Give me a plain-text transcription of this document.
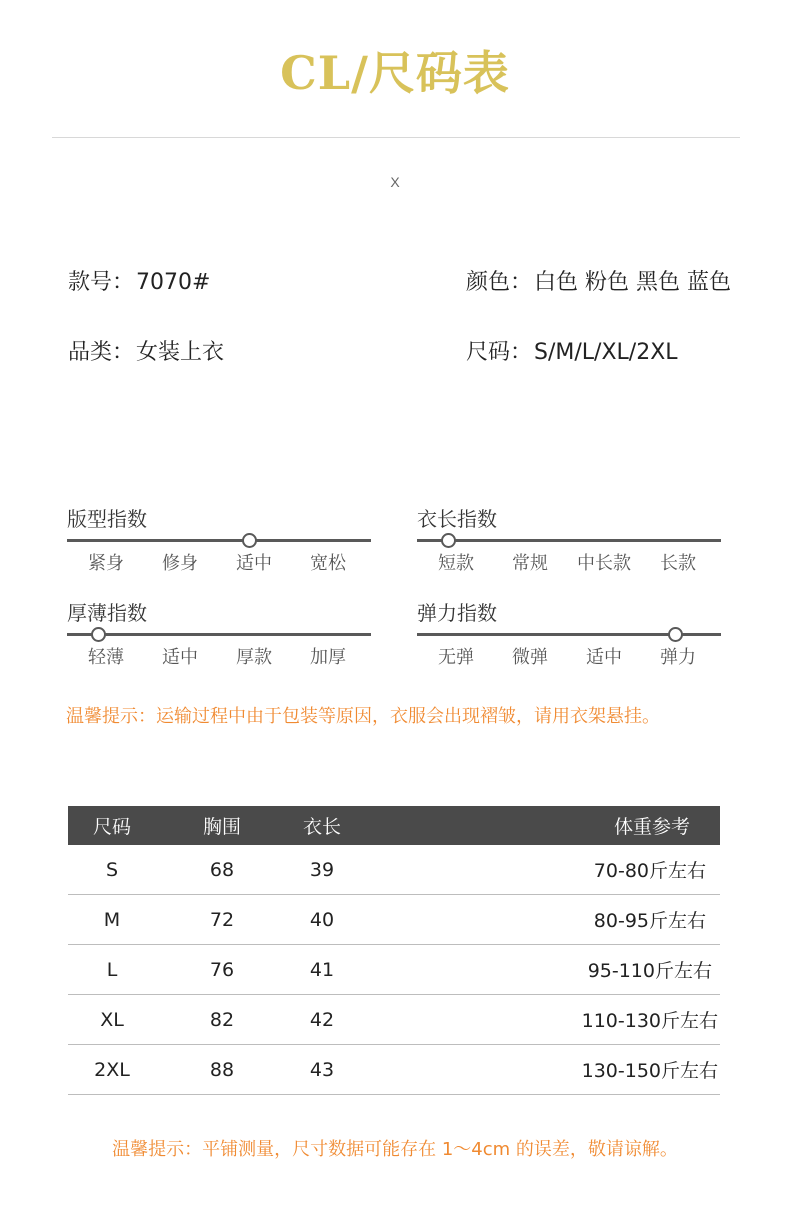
CL/尺码表
X
款号：7070#	颜色：白色 粉色 黑色 蓝色
品类：女装上衣	尺码：S/M/L/XL/2XL
版型指数
紧身	修身	适中	宽松
衣长指数
短款	常规	中长款	长款
厚薄指数
轻薄	适中	厚款	加厚
弹力指数
无弹	微弹	适中	弹力
温馨提示：运输过程中由于包装等原因，衣服会出现褶皱，请用衣架悬挂。
尺码	胸围	衣长	体重参考
S	68	39	70-80斤左右
M	72	40	80-95斤左右
L	76	41	95-110斤左右
XL	82	42	110-130斤左右
2XL	88	43	130-150斤左右
温馨提示：平铺测量，尺寸数据可能存在 1～4cm 的误差，敬请谅解。
